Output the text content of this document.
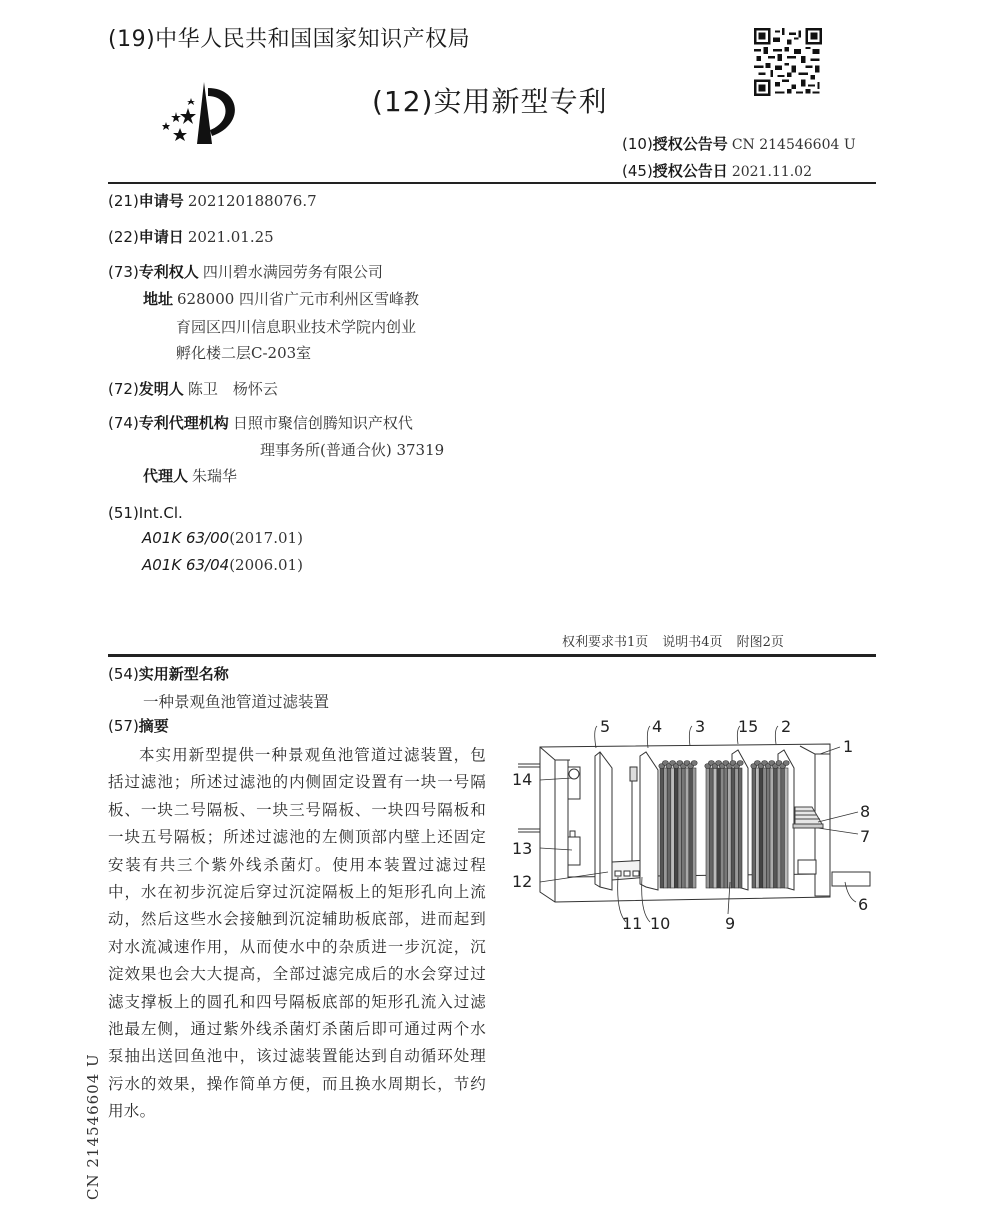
(19)中华人民共和国国家知识产权局
(12)实用新型专利
(10)授权公告号 CN 214546604 U
(45)授权公告日 2021.11.02
(21)申请号 202120188076.7
(22)申请日 2021.01.25
(73)专利权人 四川碧水满园劳务有限公司
地址 628000 四川省广元市利州区雪峰教
育园区四川信息职业技术学院内创业
孵化楼二层C-203室
(72)发明人 陈卫　杨怀云
(74)专利代理机构 日照市聚信创腾知识产权代
理事务所(普通合伙) 37319
代理人 朱瑞华
(51)Int.Cl.
A01K 63/00(2017.01)
A01K 63/04(2006.01)
权利要求书1页 说明书4页 附图2页
(54)实用新型名称
一种景观鱼池管道过滤装置
(57)摘要
本实用新型提供一种景观鱼池管道过滤装置，包括过滤池；所述过滤池的内侧固定设置有一块一号隔板、一块二号隔板、一块三号隔板、一块四号隔板和一块五号隔板；所述过滤池的左侧顶部内壁上还固定安装有共三个紫外线杀菌灯。使用本装置过滤过程中，水在初步沉淀后穿过沉淀隔板上的矩形孔向上流动，然后这些水会接触到沉淀辅助板底部，进而起到对水流减速作用，从而使水中的杂质进一步沉淀，沉淀效果也会大大提高，全部过滤完成后的水会穿过过滤支撑板上的圆孔和四号隔板底部的矩形孔流入过滤池最左侧，通过紫外线杀菌灯杀菌后即可通过两个水泵抽出送回鱼池中，该过滤装置能达到自动循环处理污水的效果，操作简单方便，而且换水周期长，节约用水。
CN 214546604 U
1
2
3
4
5
6
7
8
9
10
11
12
13
14
15
